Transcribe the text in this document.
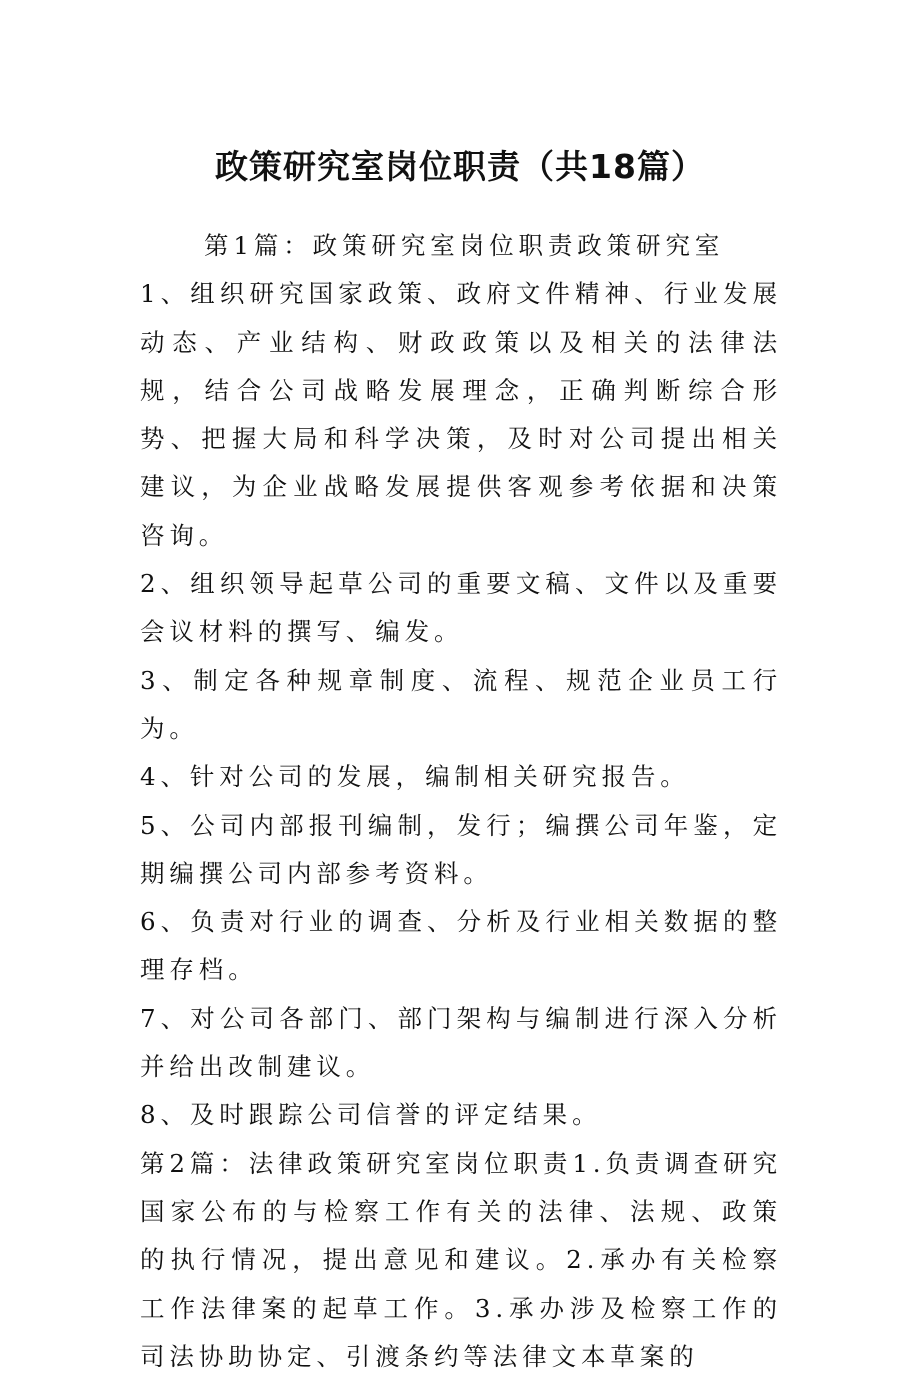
政策研究室岗位职责（共18篇）

第1篇：政策研究室岗位职责政策研究室

1、组织研究国家政策、政府文件精神、行业发展动态、产业结构、财政政策以及相关的法律法规，结合公司战略发展理念，正确判断综合形势、把握大局和科学决策，及时对公司提出相关建议，为企业战略发展提供客观参考依据和决策咨询。

2、组织领导起草公司的重要文稿、文件以及重要会议材料的撰写、编发。

3、制定各种规章制度、流程、规范企业员工行为。

4、针对公司的发展，编制相关研究报告。

5、公司内部报刊编制，发行；编撰公司年鉴，定期编撰公司内部参考资料。

6、负责对行业的调查、分析及行业相关数据的整理存档。

7、对公司各部门、部门架构与编制进行深入分析并给出改制建议。

8、及时跟踪公司信誉的评定结果。

第2篇：法律政策研究室岗位职责1.负责调查研究国家公布的与检察工作有关的法律、法规、政策的执行情况，提出意见和建议。2.承办有关检察工作法律案的起草工作。3.承办涉及检察工作的司法协助协定、引渡条约等法律文本草案的
